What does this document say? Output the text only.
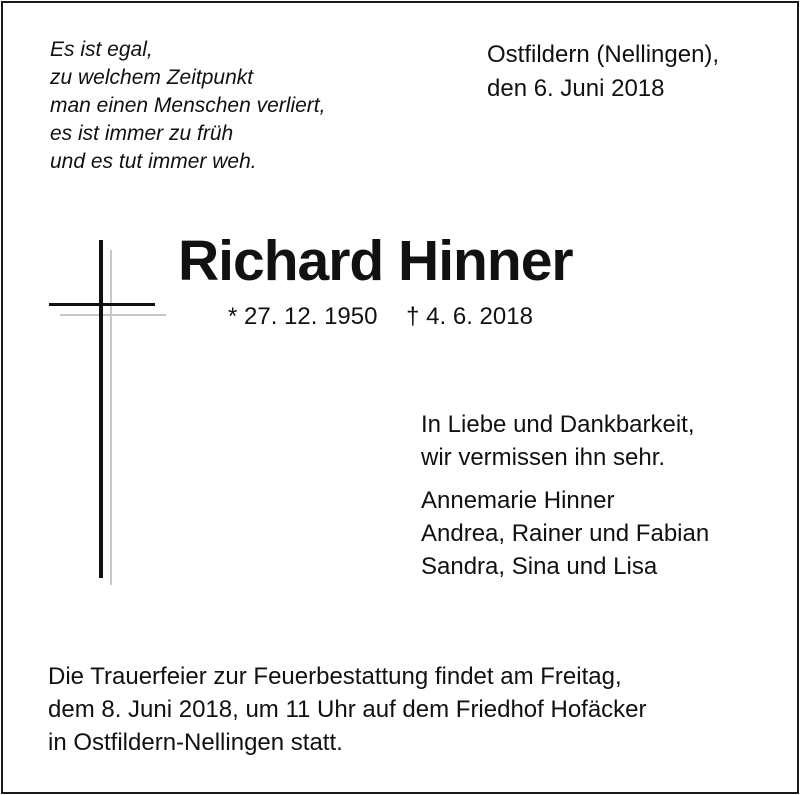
Es ist egal,
zu welchem Zeitpunkt
man einen Menschen verliert,
es ist immer zu früh
und es tut immer weh.
Ostfildern (Nellingen),
den 6. Juni 2018
Richard Hinner
* 27. 12. 1950 † 4. 6. 2018
In Liebe und Dankbarkeit,
wir vermissen ihn sehr.
Annemarie Hinner
Andrea, Rainer und Fabian
Sandra, Sina und Lisa
Die Trauerfeier zur Feuerbestattung findet am Freitag,
dem 8. Juni 2018, um 11 Uhr auf dem Friedhof Hofäcker
in Ostfildern-Nellingen statt.
